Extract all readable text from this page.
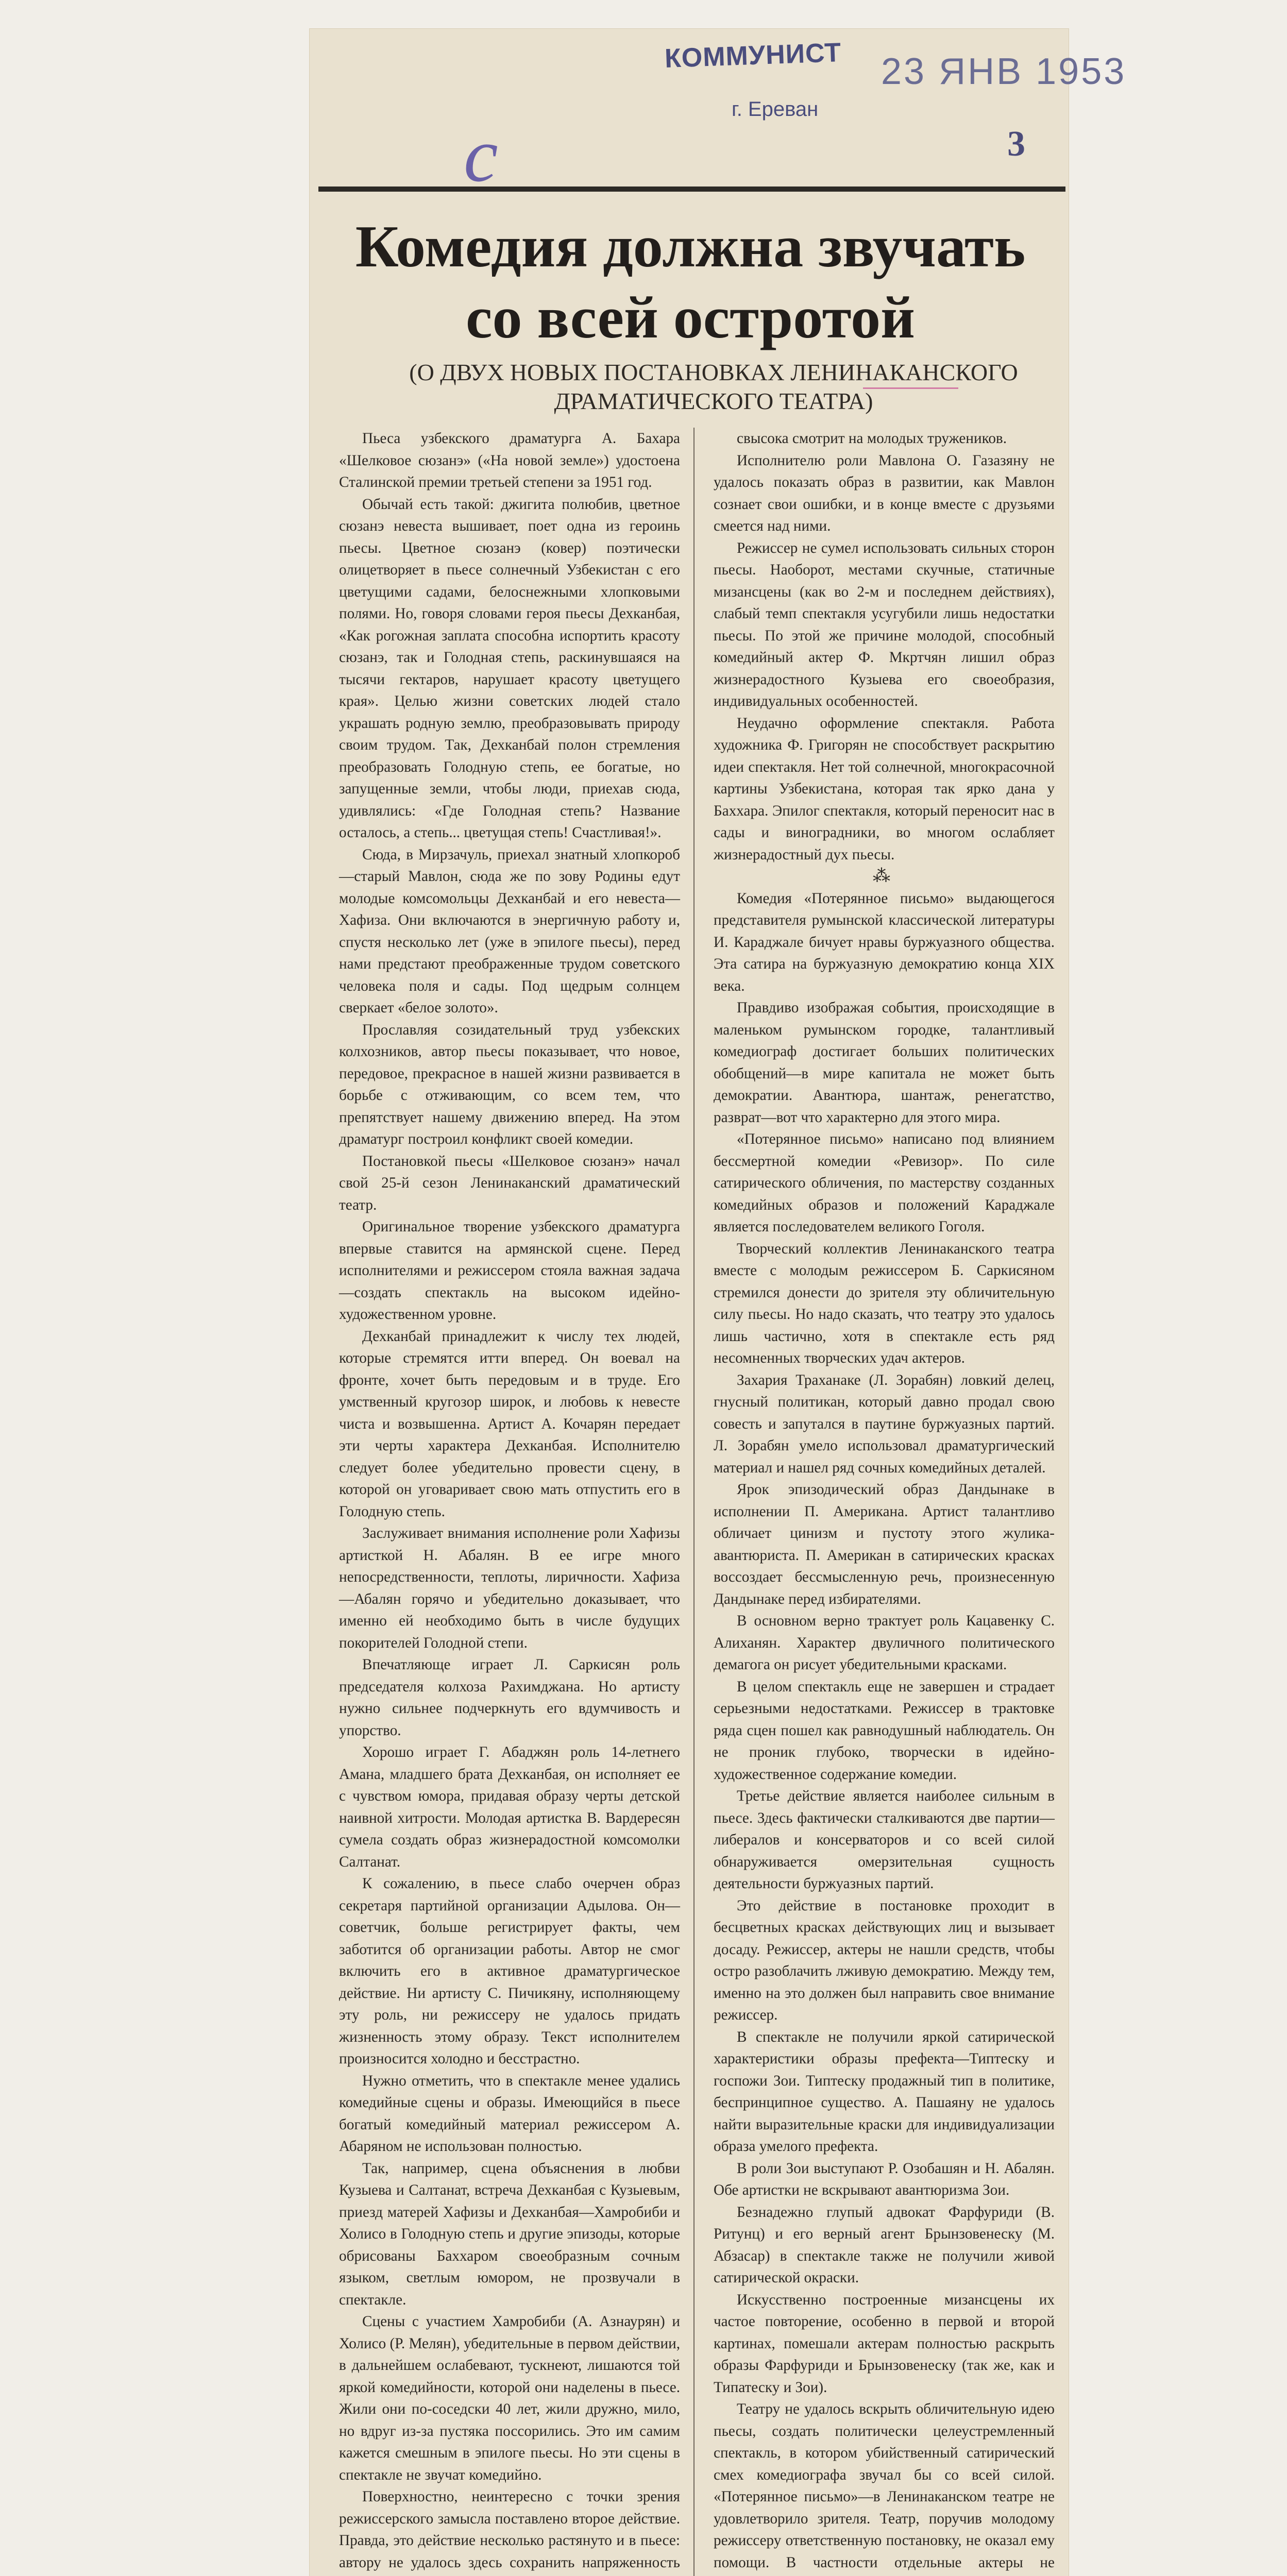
КОММУНИСТ 23 ЯНВ 1953
г. Ереван
с	3
Комедия должна звучать
со всей остротой
(О ДВУХ НОВЫХ ПОСТАНОВКАХ ЛЕНИНАКАНСКОГО
ДРАМАТИЧЕСКОГО ТЕАТРА)

Пьеса узбекского драматурга А. Бахара «Шелковое сюзанэ» («На новой земле») удостоена Сталинской премии третьей степени за 1951 год.

Обычай есть такой: джигита полюбив, цветное сюзанэ невеста вышивает, поет одна из героинь пьесы. Цветное сюзанэ (ковер) поэтически олицетворяет в пьесе солнечный Узбекистан с его цветущими садами, белоснежными хлопковыми полями. Но, говоря словами героя пьесы Дехканбая, «Как рогожная заплата способна испортить красоту сюзанэ, так и Голодная степь, раскинувшаяся на тысячи гектаров, нарушает красоту цветущего края». Целью жизни советских людей стало украшать родную землю, преобразовывать природу своим трудом. Так, Дехканбай полон стремления преобразовать Голодную степь, ее богатые, но запущенные земли, чтобы люди, приехав сюда, удивлялись: «Где Голодная степь? Название осталось, а степь... цветущая степь! Счастливая!».

Сюда, в Мирзачуль, приехал знатный хлопкороб—старый Мавлон, сюда же по зову Родины едут молодые комсомольцы Дехканбай и его невеста—Хафиза. Они включаются в энергичную работу и, спустя несколько лет (уже в эпилоге пьесы), перед нами предстают преображенные трудом советского человека поля и сады. Под щедрым солнцем сверкает «белое золото».

Прославляя созидательный труд узбекских колхозников, автор пьесы показывает, что новое, передовое, прекрасное в нашей жизни развивается в борьбе с отживающим, со всем тем, что препятствует нашему движению вперед. На этом драматург построил конфликт своей комедии.

Постановкой пьесы «Шелковое сюзанэ» начал свой 25-й сезон Ленинаканский драматический театр.

Оригинальное творение узбекского драматурга впервые ставится на армянской сцене. Перед исполнителями и режиссером стояла важная задача—создать спектакль на высоком идейно-художественном уровне.

Дехканбай принадлежит к числу тех людей, которые стремятся итти вперед. Он воевал на фронте, хочет быть передовым и в труде. Его умственный кругозор широк, и любовь к невесте чиста и возвышенна. Артист А. Кочарян передает эти черты характера Дехканбая. Исполнителю следует более убедительно провести сцену, в которой он уговаривает свою мать отпустить его в Голодную степь.

Заслуживает внимания исполнение роли Хафизы артисткой Н. Абалян. В ее игре много непосредственности, теплоты, лиричности. Хафиза—Абалян горячо и убедительно доказывает, что именно ей необходимо быть в числе будущих покорителей Голодной степи.

Впечатляюще играет Л. Саркисян роль председателя колхоза Рахимджана. Но артисту нужно сильнее подчеркнуть его вдумчивость и упорство.

Хорошо играет Г. Абаджян роль 14-летнего Амана, младшего брата Дехканбая, он исполняет ее с чувством юмора, придавая образу черты детской наивной хитрости. Молодая артистка В. Вардересян сумела создать образ жизнерадостной комсомолки Салтанат.

К сожалению, в пьесе слабо очерчен образ секретаря партийной организации Адылова. Он—советчик, больше регистрирует факты, чем заботится об организации работы. Автор не смог включить его в активное драматургическое действие. Ни артисту С. Пичикяну, исполняющему эту роль, ни режиссеру не удалось придать жизненность этому образу. Текст исполнителем произносится холодно и бесстрастно.

Нужно отметить, что в спектакле менее удались комедийные сцены и образы. Имеющийся в пьесе богатый комедийный материал режиссером А. Абаряном не использован полностью.

Так, например, сцена объяснения в любви Кузыева и Салтанат, встреча Дехканбая с Кузыевым, приезд матерей Хафизы и Дехканбая—Хамробиби и Холисо в Голодную степь и другие эпизоды, которые обрисованы Баххаром своеобразным сочным языком, светлым юмором, не прозвучали в спектакле.

Сцены с участием Хамробиби (А. Азнаурян) и Холисо (Р. Мелян), убедительные в первом действии, в дальнейшем ослабевают, тускнеют, лишаются той яркой комедийности, которой они наделены в пьесе. Жили они по-соседски 40 лет, жили дружно, мило, но вдруг из-за пустяка поссорились. Это им самим кажется смешным в эпилоге пьесы. Но эти сцены в спектакле не звучат комедийно.

Поверхностно, неинтересно с точки зрения режиссерского замысла поставлено второе действие. Правда, это действие несколько растянуто и в пьесе: автору не удалось здесь сохранить напряженность

свысока смотрит на молодых тружеников.

Исполнителю роли Мавлона О. Газазяну не удалось показать образ в развитии, как Мавлон сознает свои ошибки, и в конце вместе с друзьями смеется над ними.

Режиссер не сумел использовать сильных сторон пьесы. Наоборот, местами скучные, статичные мизансцены (как во 2-м и последнем действиях), слабый темп спектакля усугубили лишь недостатки пьесы. По этой же причине молодой, способный комедийный актер Ф. Мкртчян лишил образ жизнерадостного Кузыева его своеобразия, индивидуальных особенностей.

Неудачно оформление спектакля. Работа художника Ф. Григорян не способствует раскрытию идеи спектакля. Нет той солнечной, многокрасочной картины Узбекистана, которая так ярко дана у Баххара. Эпилог спектакля, который переносит нас в сады и виноградники, во многом ослабляет жизнерадостный дух пьесы.

⁂

Комедия «Потерянное письмо» выдающегося представителя румынской классической литературы И. Караджале бичует нравы буржуазного общества. Эта сатира на буржуазную демократию конца XIX века.

Правдиво изображая события, происходящие в маленьком румынском городке, талантливый комедиограф достигает больших политических обобщений—в мире капитала не может быть демократии. Авантюра, шантаж, ренегатство, разврат—вот что характерно для этого мира.

«Потерянное письмо» написано под влиянием бессмертной комедии «Ревизор». По силе сатирического обличения, по мастерству созданных комедийных образов и положений Караджале является последователем великого Гоголя.

Творческий коллектив Ленинаканского театра вместе с молодым режиссером Б. Саркисяном стремился донести до зрителя эту обличительную силу пьесы. Но надо сказать, что театру это удалось лишь частично, хотя в спектакле есть ряд несомненных творческих удач актеров.

Захария Траханаке (Л. Зорабян) ловкий делец, гнусный политикан, который давно продал свою совесть и запутался в паутине буржуазных партий. Л. Зорабян умело использовал драматургический материал и нашел ряд сочных комедийных деталей.

Ярок эпизодический образ Дандынаке в исполнении П. Американа. Артист талантливо обличает цинизм и пустоту этого жулика-авантюриста. П. Американ в сатирических красках воссоздает бессмысленную речь, произнесенную Дандынаке перед избирателями.

В основном верно трактует роль Кацавенку С. Алиханян. Характер двуличного политического демагога он рисует убедительными красками.

В целом спектакль еще не завершен и страдает серьезными недостатками. Режиссер в трактовке ряда сцен пошел как равнодушный наблюдатель. Он не проник глубоко, творчески в идейно-художественное содержание комедии.

Третье действие является наиболее сильным в пьесе. Здесь фактически сталкиваются две партии—либералов и консерваторов и со всей силой обнаруживается омерзительная сущность деятельности буржуазных партий.

Это действие в постановке проходит в бесцветных красках действующих лиц и вызывает досаду. Режиссер, актеры не нашли средств, чтобы остро разоблачить лживую демократию. Между тем, именно на это должен был направить свое внимание режиссер.

В спектакле не получили яркой сатирической характеристики образы префекта—Типтеску и госпожи Зои. Типтеску продажный тип в политике, беспринципное существо. А. Пашаяну не удалось найти выразительные краски для индивидуализации образа умелого префекта.

В роли Зои выступают Р. Озобашян и Н. Абалян. Обе артистки не вскрывают авантюризма Зои.

Безнадежно глупый адвокат Фарфуриди (В. Ритунц) и его верный агент Брынзовенеску (М. Абзасар) в спектакле также не получили живой сатирической окраски.

Искусственно построенные мизансцены их частое повторение, особенно в первой и второй картинах, помешали актерам полностью раскрыть образы Фарфуриди и Брынзовенеску (так же, как и Типатеску и Зои).

Театру не удалось вскрыть обличительную идею пьесы, создать политически целеустремленный спектакль, в котором убийственный сатирический смех комедиографа звучал бы со всей силой. «Потерянное письмо»—в Ленинаканском театре не удовлетворило зрителя. Театр, поручив молодому режиссеру ответственную постановку, не оказал ему помощи. В частности отдельные актеры не
